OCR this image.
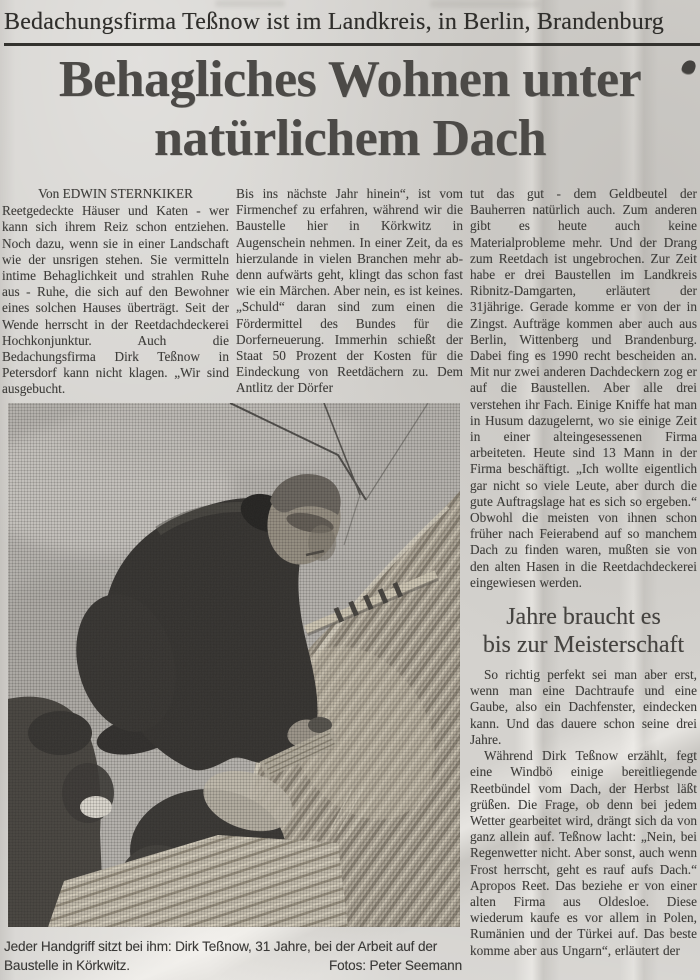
Bedachungsfirma Teßnow ist im Landkreis, in Berlin, Brandenburg
Behagliches Wohnen unter natürlichem Dach

Von EDWIN STERNKIKER

Reetgedeckte Häuser und Katen - wer kann sich ihrem Reiz schon entziehen. Noch dazu, wenn sie in einer Landschaft wie der unsrigen stehen. Sie vermitteln intime Behaglichkeit und strahlen Ruhe aus - Ruhe, die sich auf den Bewohner eines solchen Hauses überträgt. Seit der Wende herrscht in der Reetdachdeckerei Hochkonjunktur. Auch die Bedachungsfirma Dirk Teßnow in Petersdorf kann nicht klagen. „Wir sind ausgebucht.

Bis ins nächste Jahr hinein“, ist vom Firmenchef zu erfahren, während wir die Baustelle hier in Körkwitz in Augenschein nehmen. In einer Zeit, da es hierzulande in vielen Branchen mehr ab- denn aufwärts geht, klingt das schon fast wie ein Märchen. Aber nein, es ist keines. „Schuld“ daran sind zum einen die Fördermittel des Bundes für die Dorferneuerung. Immerhin schießt der Staat 50 Prozent der Kosten für die Eindeckung von Reetdächern zu. Dem Antlitz der Dörfer

tut das gut - dem Geldbeutel der Bauherren natürlich auch. Zum anderen gibt es heute auch keine Materialprobleme mehr. Und der Drang zum Reetdach ist ungebrochen. Zur Zeit habe er drei Baustellen im Landkreis Ribnitz-Damgarten, erläutert der 31jährige. Gerade komme er von der in Zingst. Aufträge kommen aber auch aus Berlin, Wittenberg und Brandenburg. Dabei fing es 1990 recht bescheiden an. Mit nur zwei anderen Dachdeckern zog er auf die Baustellen. Aber alle drei verstehen ihr Fach. Einige Kniffe hat man in Husum dazugelernt, wo sie einige Zeit in einer alteingesessenen Firma arbeiteten. Heute sind 13 Mann in der Firma beschäftigt. „Ich wollte eigentlich gar nicht so viele Leute, aber durch die gute Auftragslage hat es sich so ergeben.“ Obwohl die meisten von ihnen schon früher nach Feierabend auf so manchem Dach zu finden waren, mußten sie von den alten Hasen in die Reetdachdeckerei eingewiesen werden.

Jahre braucht es
bis zur Meisterschaft

So richtig perfekt sei man aber erst, wenn man eine Dachtraufe und eine Gaube, also ein Dachfenster, eindecken kann. Und das dauere schon seine drei Jahre.

Während Dirk Teßnow erzählt, fegt eine Windbö einige bereitliegende Reetbündel vom Dach, der Herbst läßt grüßen. Die Frage, ob denn bei jedem Wetter gearbeitet wird, drängt sich da von ganz allein auf. Teßnow lacht: „Nein, bei Regenwetter nicht. Aber sonst, auch wenn Frost herrscht, geht es rauf aufs Dach.“ Apropos Reet. Das beziehe er von einer alten Firma aus Oldesloe. Diese wiederum kaufe es vor allem in Polen, Rumänien und der Türkei auf. Das beste komme aber aus Ungarn“, erläutert der

Jeder Handgriff sitzt bei ihm: Dirk Teßnow, 31 Jahre, bei der Arbeit auf der Baustelle in Körkwitz.	Fotos: Peter Seemann
